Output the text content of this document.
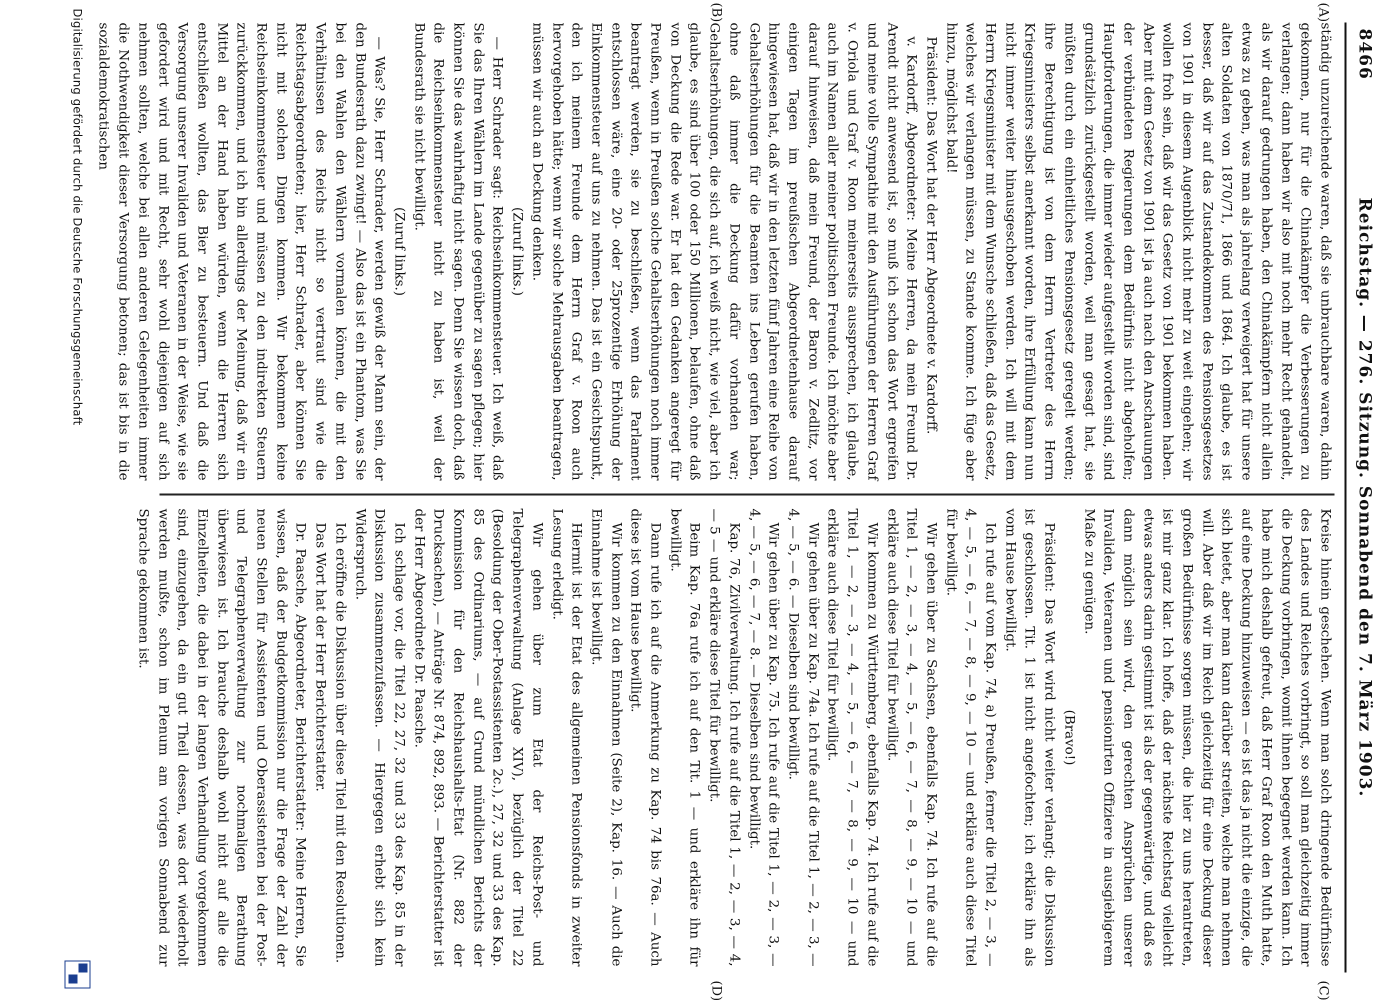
8466
Reichstag. — 276. Sitzung. Sonnabend den 7. März 1903.
(A)
(B)
(C)
(D)

ständig unzureichende waren, daß sie unbrauchbare waren, dahin gekommen, nur für die Chinakämpfer die Verbesserungen zu verlangen; dann haben wir also mit noch mehr Recht gehandelt, als wir darauf gedrungen haben, den Chinakämpfern nicht allein etwas zu geben, was man als jahrelang verweigert hat für unsere alten Soldaten von 1870/71, 1866 und 1864. Ich glaube, es ist besser, daß wir auf das Zustandekommen des Pensionsgesetzes von 1901 in diesem Augenblick nicht mehr zu weit eingehen; wir wollen froh sein, daß wir das Gesetz von 1901 bekommen haben. Aber mit dem Gesetz von 1901 ist ja auch nach den Anschauungen der verbündeten Regierungen dem Bedürfnis nicht abgeholfen; Hauptforderungen, die immer wieder aufgestellt worden sind, sind grundsätzlich zurückgestellt worden, weil man gesagt hat, sie müßten durch ein einheitliches Pensionsgesetz geregelt werden; ihre Berechtigung ist von dem Herrn Vertreter des Herrn Kriegsministers selbst anerkannt worden, ihre Erfüllung kann nun nicht immer weiter hinausgeschoben werden. Ich will mit dem Herrn Kriegsminister mit dem Wunsche schließen, daß das Gesetz, welches wir verlangen müssen, zu Stande komme. Ich füge aber hinzu, möglichst bald!

Präsident: Das Wort hat der Herr Abgeordnete v. Kardorff.

v. Kardorff, Abgeordneter: Meine Herren, da mein Freund Dr. Arendt nicht anwesend ist, so muß ich schon das Wort ergreifen und meine volle Sympathie mit den Ausführungen der Herren Graf v. Oriola und Graf v. Roon meinerseits aussprechen, ich glaube, auch im Namen aller meiner politischen Freunde. Ich möchte aber darauf hinweisen, daß mein Freund, der Baron v. Zedlitz, vor einigen Tagen im preußischen Abgeordnetenhause darauf hingewiesen hat, daß wir in den letzten fünf Jahren eine Reihe von Gehaltserhöhungen für die Beamten ins Leben gerufen haben, ohne daß immer die Deckung dafür vorhanden war; Gehaltserhöhungen, die sich auf, ich weiß nicht, wie viel, aber ich glaube, es sind über 100 oder 150 Millionen, belaufen, ohne daß von Deckung die Rede war. Er hat den Gedanken angeregt für Preußen, wenn in Preußen solche Gehaltserhöhungen noch immer beantragt werden, sie zu beschließen, wenn das Parlament entschlossen wäre, eine 20- oder 25prozentige Erhöhung der Einkommensteuer auf uns zu nehmen. Das ist ein Gesichtspunkt, den ich meinem Freunde dem Herrn Graf v. Roon auch hervorgehoben hätte; wenn wir solche Mehrausgaben beantragen, müssen wir auch an Deckung denken.

(Zuruf links.)

— Herr Schrader sagt: Reichseinkommensteuer. Ich weiß, daß Sie das Ihren Wählern im Lande gegenüber zu sagen pflegen; hier können Sie das wahrhaftig nicht sagen. Denn Sie wissen doch, daß die Reichseinkommensteuer nicht zu haben ist, weil der Bundesrath sie nicht bewilligt.

(Zuruf links.)

— Was? Sie, Herr Schrader, werden gewiß der Mann sein, der den Bundesrath dazu zwingt! — Also das ist ein Phantom, was Sie bei den Wahlen den Wählern vormalen können, die mit den Verhältnissen des Reichs nicht so vertraut sind wie die Reichstagsabgeordneten; hier, Herr Schrader, aber können Sie nicht mit solchen Dingen kommen. Wir bekommen keine Reichseinkommensteuer und müssen zu den indirekten Steuern zurückkommen, und ich bin allerdings der Meinung, daß wir ein Mittel an der Hand haben würden, wenn die Herren sich entschließen wollten, das Bier zu besteuern. Und daß die Versorgung unserer Invaliden und Veteranen in der Weise, wie sie gefordert wird und mit Recht, sehr wohl diejenigen auf sich nehmen sollten, welche bei allen anderen Gelegenheiten immer die Nothwendigkeit dieser Versorgung betonen; das ist bis in die sozialdemokratischen

Kreise hinein geschehen. Wenn man solch dringende Bedürfnisse des Landes und Reiches vorbringt, so soll man gleichzeitig immer die Deckung vorbringen, womit ihnen begegnet werden kann. Ich habe mich deshalb gefreut, daß Herr Graf Roon den Muth hatte, auf eine Deckung hinzuweisen — es ist das ja nicht die einzige, die sich bietet, aber man kann darüber streiten, welche man nehmen will. Aber daß wir im Reich gleichzeitig für eine Deckung dieser großen Bedürfnisse sorgen müssen, die hier zu uns herantreten, ist mir ganz klar. Ich hoffe, daß der nächste Reichstag vielleicht etwas anders darin gestimmt ist als der gegenwärtige, und daß es dann möglich sein wird, den gerechten Ansprüchen unserer Invaliden, Veteranen und pensionirten Offiziere in ausgiebigerem Maße zu genügen.

(Bravo!)

Präsident: Das Wort wird nicht weiter verlangt; die Diskussion ist geschlossen. Tit. 1 ist nicht angefochten; ich erkläre ihn als vom Hause bewilligt.

Ich rufe auf vom Kap. 74, a) Preußen, ferner die Titel 2, — 3, — 4, — 5, — 6, — 7, — 8, — 9, — 10 — und erkläre auch diese Titel für bewilligt.

Wir gehen über zu Sachsen, ebenfalls Kap. 74. Ich rufe auf die Titel 1, — 2, — 3, — 4, — 5, — 6, — 7, — 8, — 9, — 10 — und erkläre auch diese Titel für bewilligt.

Wir kommen zu Württemberg, ebenfalls Kap. 74. Ich rufe auf die Titel 1, — 2, — 3, — 4, — 5, — 6, — 7, — 8, — 9, — 10 — und erkläre auch diese Titel für bewilligt.

Wir gehen über zu Kap. 74a. Ich rufe auf die Titel 1, — 2, — 3, — 4, — 5, — 6. — Dieselben sind bewilligt.

Wir gehen über zu Kap. 75. Ich rufe auf die Titel 1, — 2, — 3, — 4, — 5, — 6, — 7, — 8. — Dieselben sind bewilligt.

Kap. 76, Zivilverwaltung. Ich rufe auf die Titel 1, — 2, — 3, — 4, — 5 — und erkläre diese Titel für bewilligt.

Beim Kap. 76a rufe ich auf den Tit. 1 — und erkläre ihn für bewilligt.

Dann rufe ich auf die Anmerkung zu Kap. 74 bis 76a. — Auch diese ist vom Hause bewilligt.

Wir kommen zu den Einnahmen (Seite 2), Kap. 16. — Auch die Einnahme ist bewilligt.

Hiermit ist der Etat des allgemeinen Pensionsfonds in zweiter Lesung erledigt.

Wir gehen über zum Etat der Reichs-Post- und Telegraphenverwaltung (Anlage XIV), bezüglich der Titel 22 (Besoldung der Ober-Postassistenten 2c.), 27, 32 und 33 des Kap. 85 des Ordinariums, — auf Grund mündlichen Berichts der Kommission für den Reichshaushalts-Etat (Nr. 882 der Drucksachen), — Anträge Nr. 874, 892, 893. — Berichterstatter ist der Herr Abgeordnete Dr. Paasche.

Ich schlage vor, die Titel 22, 27, 32 und 33 des Kap. 85 in der Diskussion zusammenzufassen. — Hiergegen erhebt sich kein Widerspruch.

Ich eröffne die Diskussion über diese Titel mit den Resolutionen.

Das Wort hat der Herr Berichterstatter.

Dr. Paasche, Abgeordneter, Berichterstatter: Meine Herren, Sie wissen, daß der Budgetkommission nur die Frage der Zahl der neuen Stellen für Assistenten und Oberassistenten bei der Post- und Telegraphenverwaltung zur nochmaligen Berathung überwiesen ist. Ich brauche deshalb wohl nicht auf alle die Einzelheiten, die dabei in der langen Verhandlung vorgekommen sind, einzugehen, da ein gut Theil dessen, was dort wiederholt werden mußte, schon im Plenum am vorigen Sonnabend zur Sprache gekommen ist.

Digitalisierung gefördert durch die Deutsche Forschungsgemeinschaft
